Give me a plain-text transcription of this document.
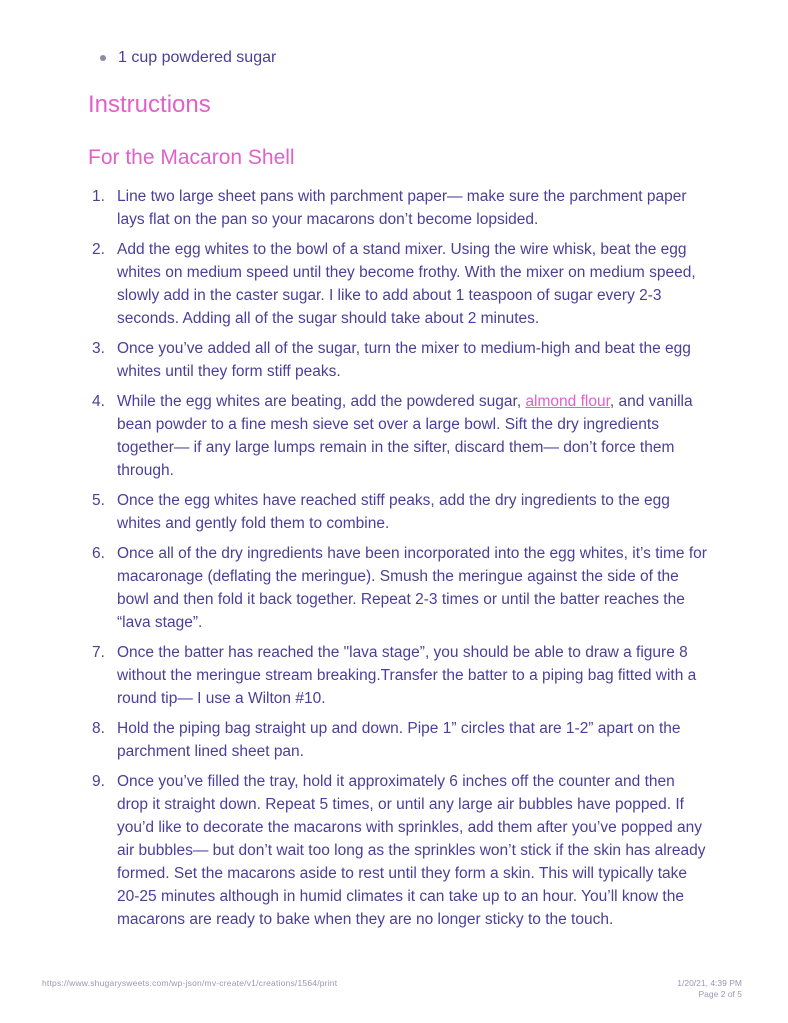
1 cup powdered sugar
Instructions
For the Macaron Shell
1. Line two large sheet pans with parchment paper— make sure the parchment paper lays flat on the pan so your macarons don’t become lopsided.
2. Add the egg whites to the bowl of a stand mixer. Using the wire whisk, beat the egg whites on medium speed until they become frothy. With the mixer on medium speed, slowly add in the caster sugar. I like to add about 1 teaspoon of sugar every 2-3 seconds. Adding all of the sugar should take about 2 minutes.
3. Once you’ve added all of the sugar, turn the mixer to medium-high and beat the egg whites until they form stiff peaks.
4. While the egg whites are beating, add the powdered sugar, almond flour, and vanilla bean powder to a fine mesh sieve set over a large bowl. Sift the dry ingredients together— if any large lumps remain in the sifter, discard them— don’t force them
through.
5. Once the egg whites have reached stiff peaks, add the dry ingredients to the egg whites and gently fold them to combine.
6. Once all of the dry ingredients have been incorporated into the egg whites, it’s time for macaronage (deflating the meringue). Smush the meringue against the side of the bowl and then fold it back together. Repeat 2-3 times or until the batter reaches the “lava stage”.
7. Once the batter has reached the "lava stage”, you should be able to draw a figure 8 without the meringue stream breaking.Transfer the batter to a piping bag fitted with a round tip— I use a Wilton #10.
8. Hold the piping bag straight up and down. Pipe 1” circles that are 1-2” apart on the parchment lined sheet pan.
9. Once you’ve filled the tray, hold it approximately 6 inches off the counter and then drop it straight down. Repeat 5 times, or until any large air bubbles have popped. If you’d like to decorate the macarons with sprinkles, add them after you’ve popped any air bubbles— but don’t wait too long as the sprinkles won’t stick if the skin has already formed. Set the macarons aside to rest until they form a skin. This will typically take 20-25 minutes although in humid climates it can take up to an hour. You’ll know the macarons are ready to bake when they are no longer sticky to the touch.
https://www.shugarysweets.com/wp-json/mv-create/v1/creations/1564/print	1/20/21, 4:39 PM
Page 2 of 5
